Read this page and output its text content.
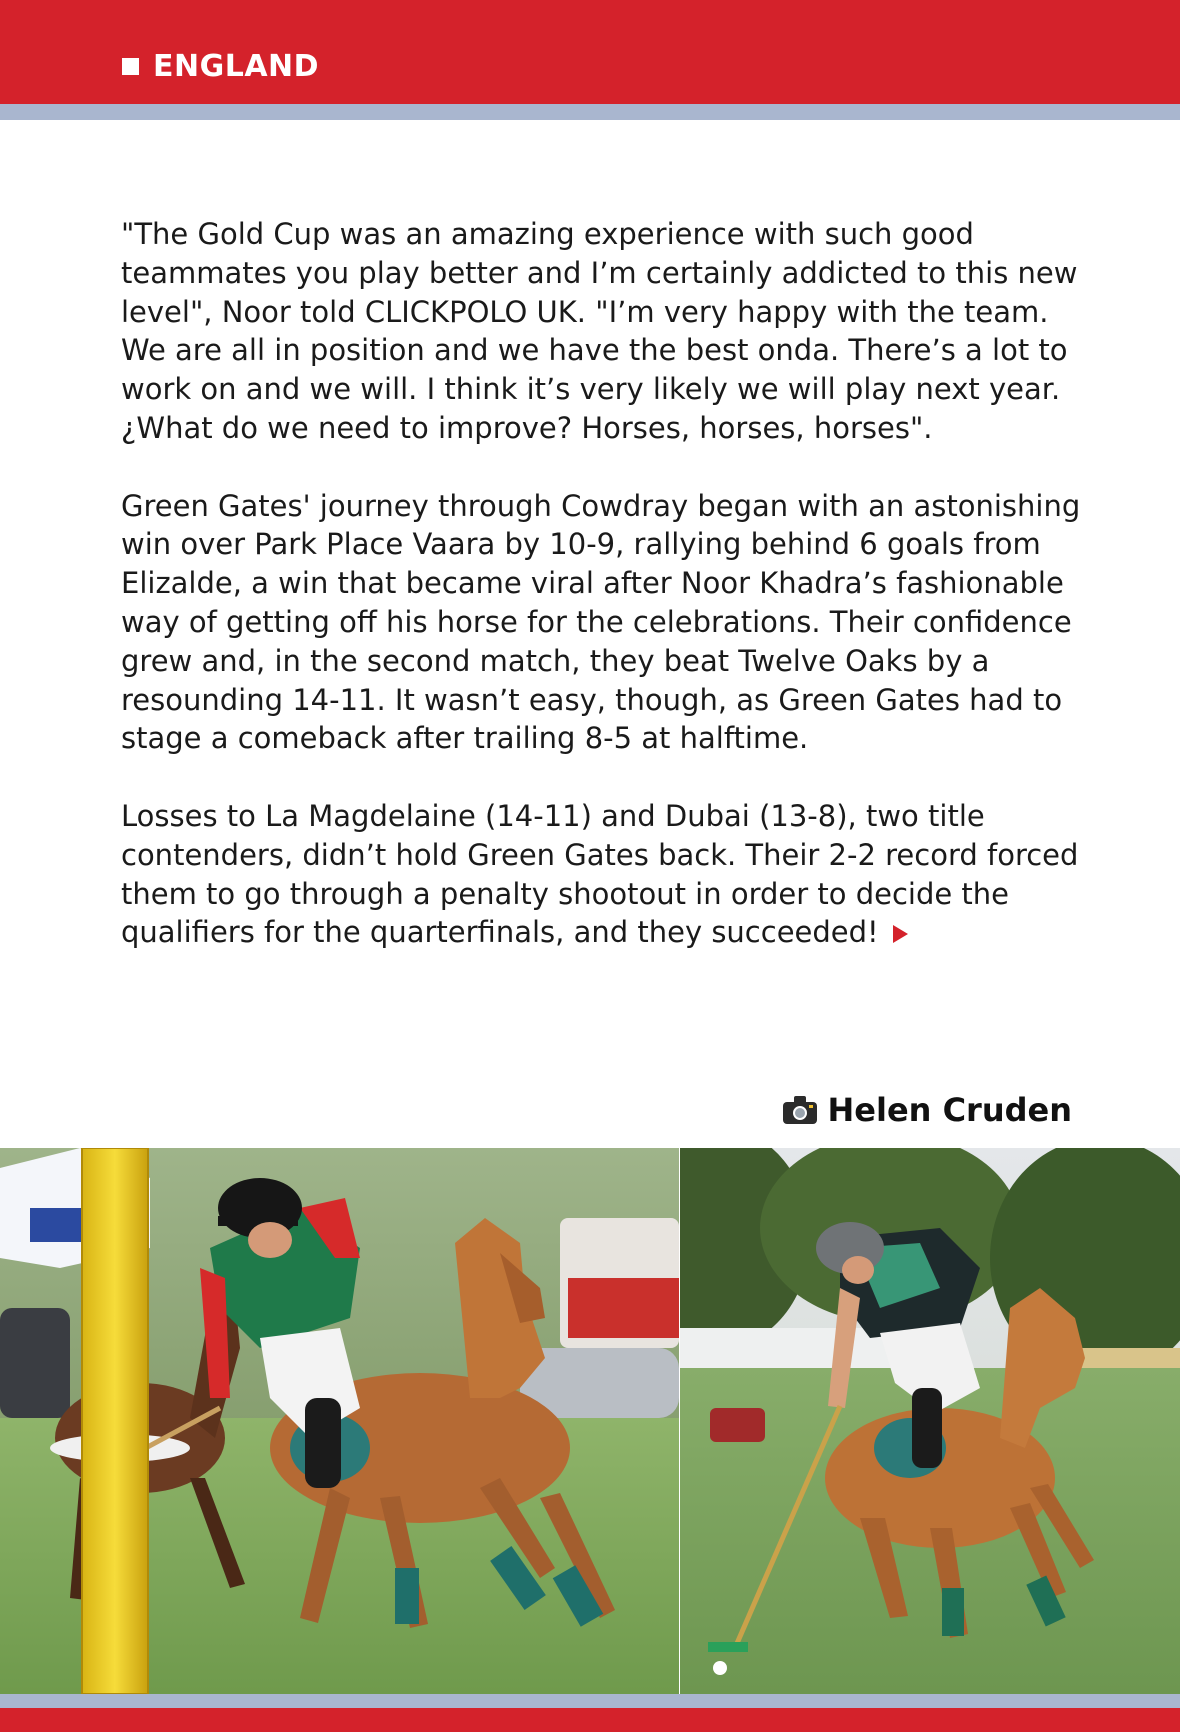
ENGLAND

"The Gold Cup was an amazing experience with such good teammates you play better and I’m certainly addicted to this new level", Noor told CLICKPOLO UK. "I’m very happy with the team. We are all in position and we have the best onda. There’s a lot to work on and we will. I think it’s very likely we will play next year. ¿What do we need to improve? Horses, horses, horses".

Green Gates' journey through Cowdray began with an astonishing win over Park Place Vaara by 10-9, rallying behind 6 goals from Elizalde, a win that became viral after Noor Khadra’s fashionable way of getting off his horse for the celebrations. Their confidence grew and, in the second match, they beat Twelve Oaks by a resounding 14-11. It wasn’t easy, though, as Green Gates had to stage a comeback after trailing 8-5 at halftime.

Losses to La Magdelaine (14-11) and Dubai (13-8), two title contenders, didn’t hold Green Gates back. Their 2-2 record forced them to go through a penalty shootout in order to decide the qualifiers for the quarterfinals, and they succeeded!

Helen Cruden
